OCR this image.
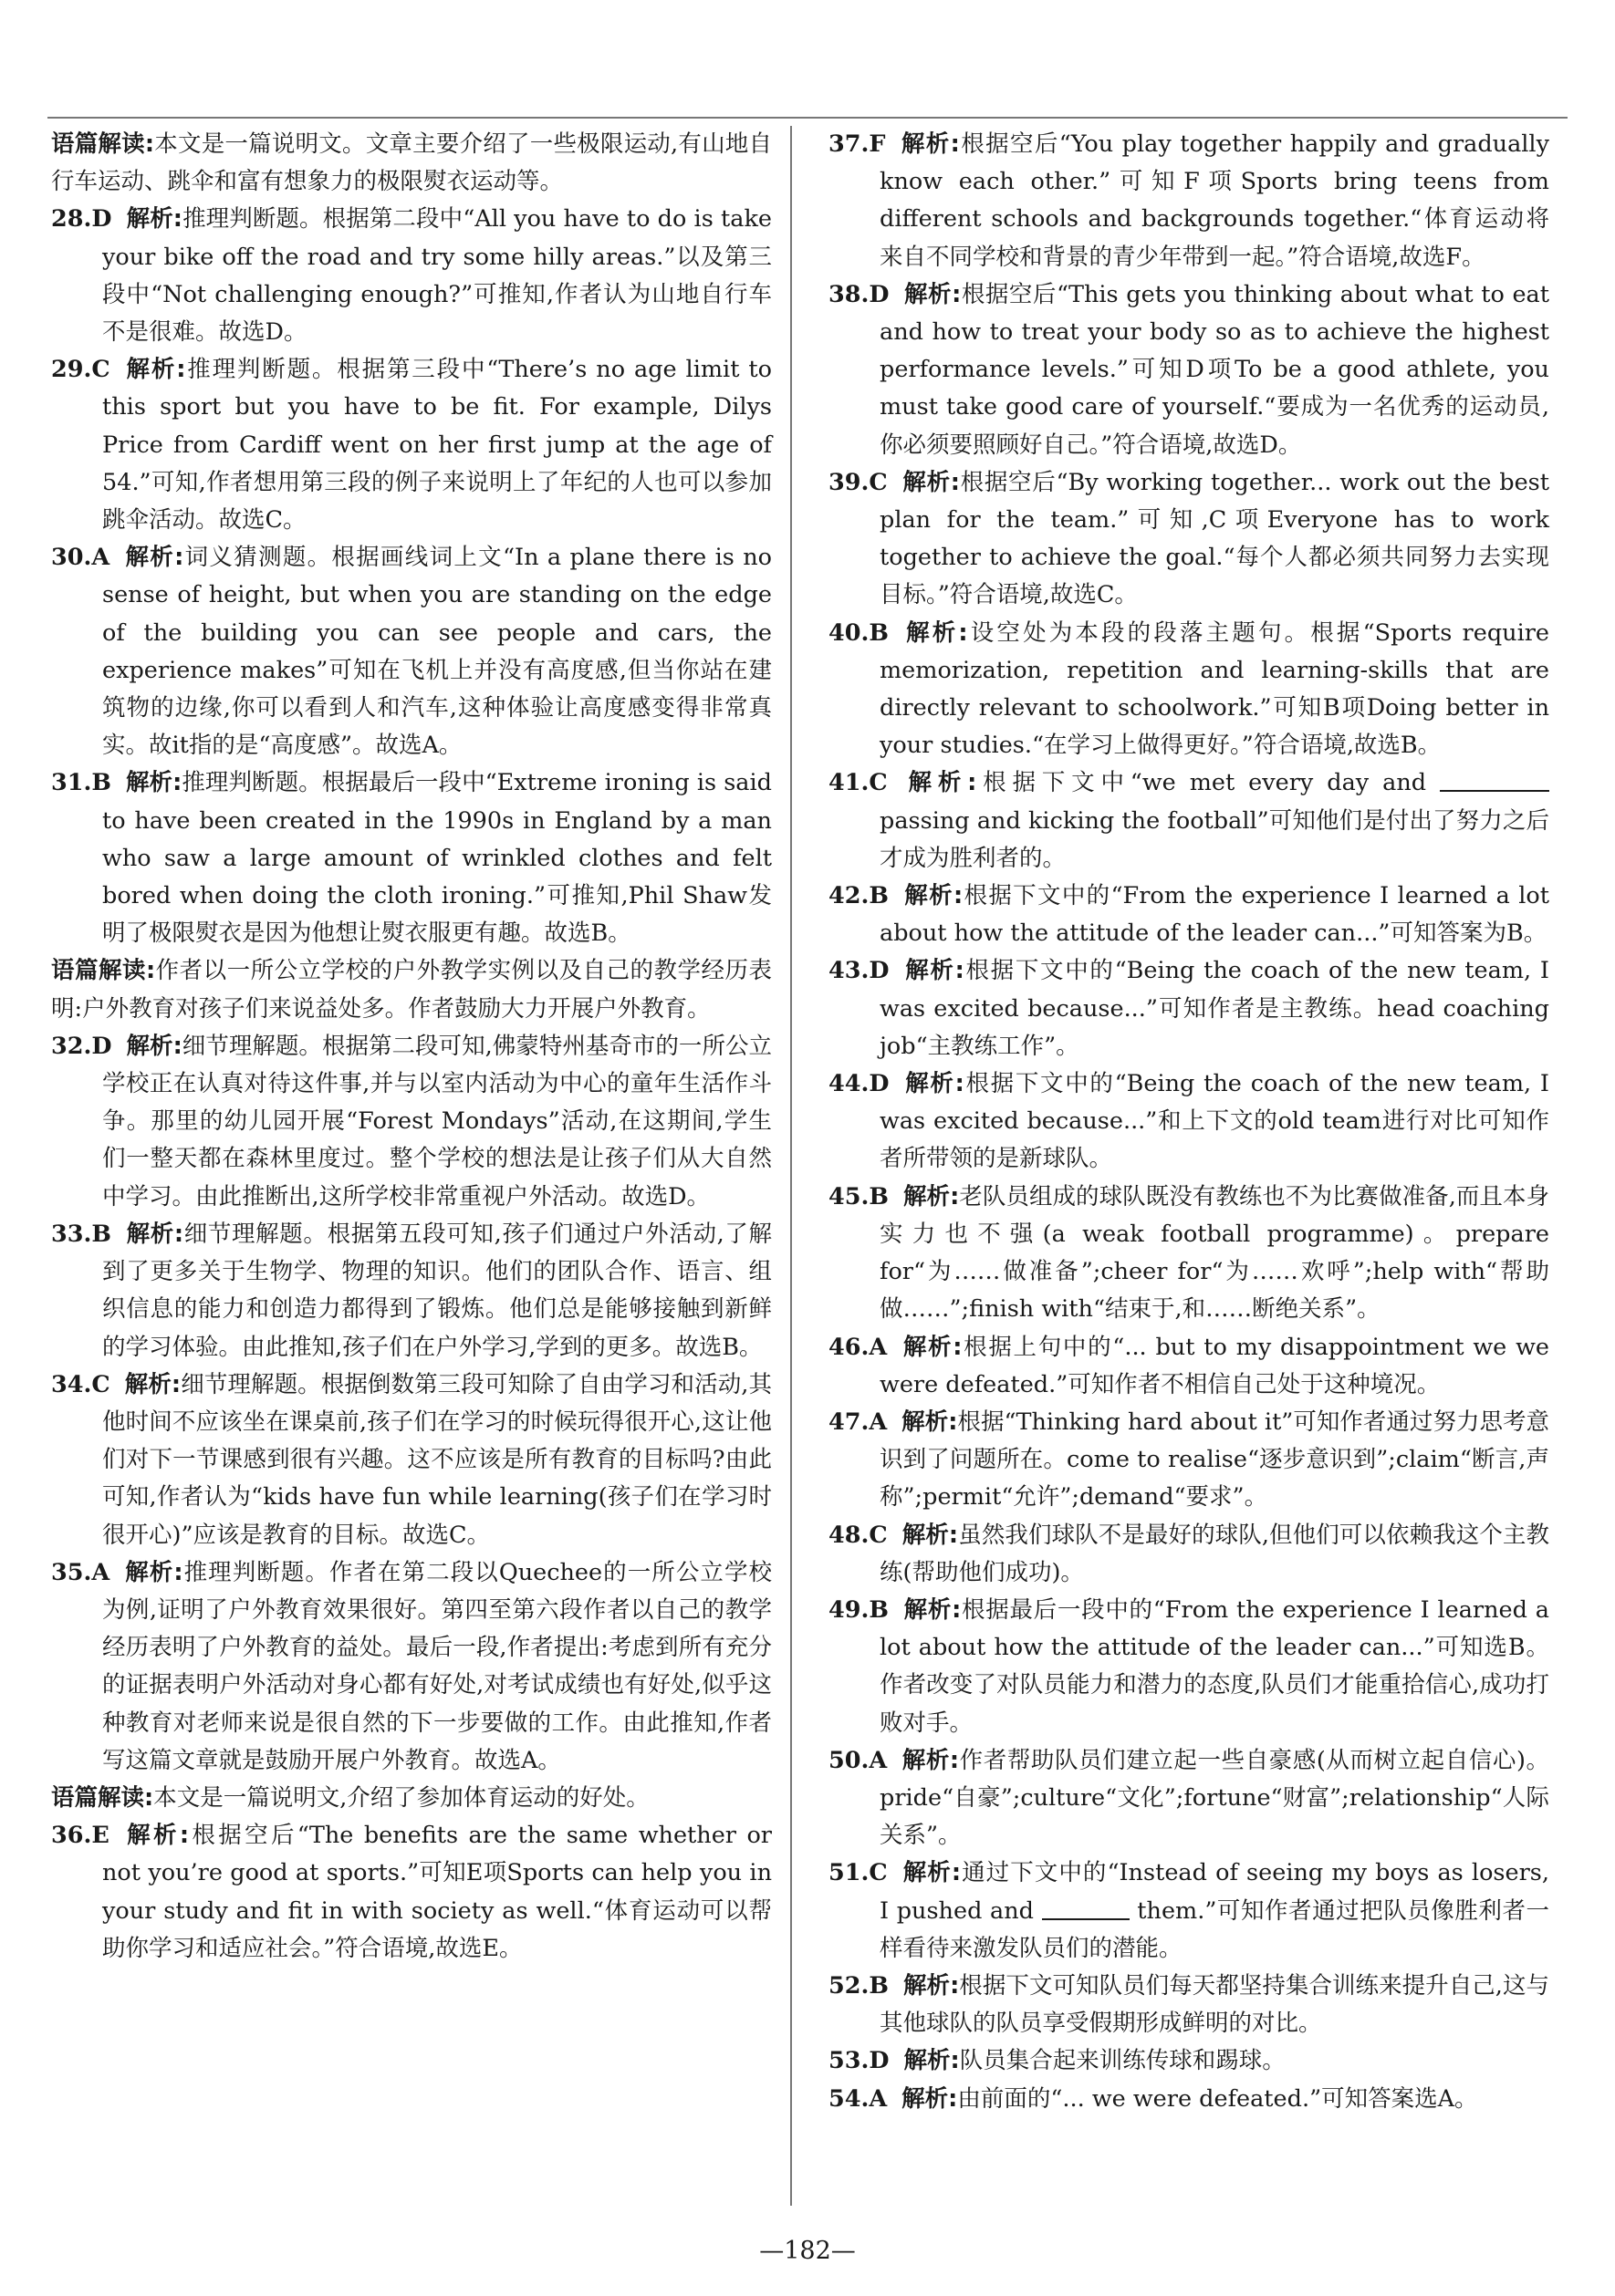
语篇解读:本文是一篇说明文。文章主要介绍了一些极限运动,有山地自行车运动、跳伞和富有想象力的极限熨衣运动等。

28.D 解析:推理判断题。根据第二段中“All you have to do is take your bike off the road and try some hilly areas.”以及第三段中“Not challenging enough?”可推知,作者认为山地自行车不是很难。故选D。

29.C 解析:推理判断题。根据第三段中“There’s no age limit to this sport but you have to be fit. For example, Dilys Price from Cardiff went on her first jump at the age of 54.”可知,作者想用第三段的例子来说明上了年纪的人也可以参加跳伞活动。故选C。

30.A 解析:词义猜测题。根据画线词上文“In a plane there is no sense of height, but when you are standing on the edge of the building you can see people and cars, the experience makes”可知在飞机上并没有高度感,但当你站在建筑物的边缘,你可以看到人和汽车,这种体验让高度感变得非常真实。故it指的是“高度感”。故选A。

31.B 解析:推理判断题。根据最后一段中“Extreme ironing is said to have been created in the 1990s in England by a man who saw a large amount of wrinkled clothes and felt bored when doing the cloth ironing.”可推知,Phil Shaw发明了极限熨衣是因为他想让熨衣服更有趣。故选B。

语篇解读:作者以一所公立学校的户外教学实例以及自己的教学经历表明:户外教育对孩子们来说益处多。作者鼓励大力开展户外教育。

32.D 解析:细节理解题。根据第二段可知,佛蒙特州基奇市的一所公立学校正在认真对待这件事,并与以室内活动为中心的童年生活作斗争。那里的幼儿园开展“Forest Mondays”活动,在这期间,学生们一整天都在森林里度过。整个学校的想法是让孩子们从大自然中学习。由此推断出,这所学校非常重视户外活动。故选D。

33.B 解析:细节理解题。根据第五段可知,孩子们通过户外活动,了解到了更多关于生物学、物理的知识。他们的团队合作、语言、组织信息的能力和创造力都得到了锻炼。他们总是能够接触到新鲜的学习体验。由此推知,孩子们在户外学习,学到的更多。故选B。

34.C 解析:细节理解题。根据倒数第三段可知除了自由学习和活动,其他时间不应该坐在课桌前,孩子们在学习的时候玩得很开心,这让他们对下一节课感到很有兴趣。这不应该是所有教育的目标吗?由此可知,作者认为“kids have fun while learning(孩子们在学习时很开心)”应该是教育的目标。故选C。

35.A 解析:推理判断题。作者在第二段以Quechee的一所公立学校为例,证明了户外教育效果很好。第四至第六段作者以自己的教学经历表明了户外教育的益处。最后一段,作者提出:考虑到所有充分的证据表明户外活动对身心都有好处,对考试成绩也有好处,似乎这种教育对老师来说是很自然的下一步要做的工作。由此推知,作者写这篇文章就是鼓励开展户外教育。故选A。

语篇解读:本文是一篇说明文,介绍了参加体育运动的好处。

36.E 解析:根据空后“The benefits are the same whether or not you’re good at sports.”可知E项Sports can help you in your study and fit in with society as well.“体育运动可以帮助你学习和适应社会。”符合语境,故选E。

37.F 解析:根据空后“You play together happily and gradually know each other.”可知F项Sports bring teens from different schools and backgrounds together.“体育运动将来自不同学校和背景的青少年带到一起。”符合语境,故选F。

38.D 解析:根据空后“This gets you thinking about what to eat and how to treat your body so as to achieve the highest performance levels.”可知D项To be a good athlete, you must take good care of yourself.“要成为一名优秀的运动员,你必须要照顾好自己。”符合语境,故选D。

39.C 解析:根据空后“By working together... work out the best plan for the team.”可知,C项Everyone has to work together to achieve the goal.“每个人都必须共同努力去实现目标。”符合语境,故选C。

40.B 解析:设空处为本段的段落主题句。根据“Sports require memorization, repetition and learning-skills that are directly relevant to schoolwork.”可知B项Doing better in your studies.“在学习上做得更好。”符合语境,故选B。

41.C 解析:根据下文中“we met every day and  passing and kicking the football”可知他们是付出了努力之后才成为胜利者的。

42.B 解析:根据下文中的“From the experience I learned a lot about how the attitude of the leader can...”可知答案为B。

43.D 解析:根据下文中的“Being the coach of the new team, I was excited because...”可知作者是主教练。head coaching job“主教练工作”。

44.D 解析:根据下文中的“Being the coach of the new team, I was excited because...”和上下文的old team进行对比可知作者所带领的是新球队。

45.B 解析:老队员组成的球队既没有教练也不为比赛做准备,而且本身实力也不强(a weak football programme)。prepare for“为……做准备”;cheer for“为……欢呼”;help with“帮助做……”;finish with“结束于,和……断绝关系”。

46.A 解析:根据上句中的“... but to my disappointment we we were defeated.”可知作者不相信自己处于这种境况。

47.A 解析:根据“Thinking hard about it”可知作者通过努力思考意识到了问题所在。come to realise“逐步意识到”;claim“断言,声称”;permit“允许”;demand“要求”。

48.C 解析:虽然我们球队不是最好的球队,但他们可以依赖我这个主教练(帮助他们成功)。

49.B 解析:根据最后一段中的“From the experience I learned a lot about how the attitude of the leader can...”可知选B。作者改变了对队员能力和潜力的态度,队员们才能重拾信心,成功打败对手。

50.A 解析:作者帮助队员们建立起一些自豪感(从而树立起自信心)。pride“自豪”;culture“文化”;fortune“财富”;relationship“人际关系”。

51.C 解析:通过下文中的“Instead of seeing my boys as losers, I pushed and	them.”可知作者通过把队员像胜利者一样看待来激发队员们的潜能。

52.B 解析:根据下文可知队员们每天都坚持集合训练来提升自己,这与其他球队的队员享受假期形成鲜明的对比。

53.D 解析:队员集合起来训练传球和踢球。

54.A 解析:由前面的“... we were defeated.”可知答案选A。

—182—
